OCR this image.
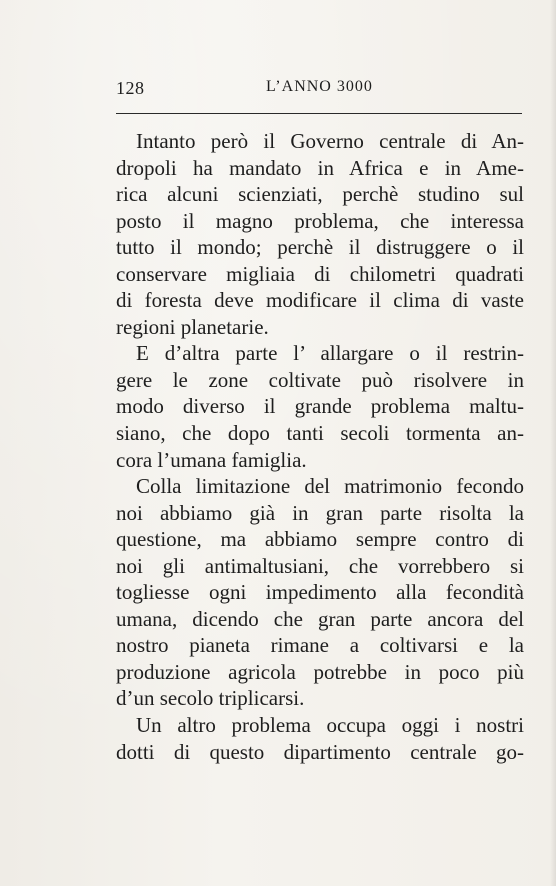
128	L’ANNO 3000
Intanto però il Governo centrale di An-
dropoli ha mandato in Africa e in Ame-
rica alcuni scienziati, perchè studino sul
posto il magno problema, che interessa
tutto il mondo; perchè il distruggere o il
conservare migliaia di chilometri quadrati
di foresta deve modificare il clima di vaste
regioni planetarie.
E d’altra parte l’ allargare o il restrin-
gere le zone coltivate può risolvere in
modo diverso il grande problema maltu-
siano, che dopo tanti secoli tormenta an-
cora l’umana famiglia.
Colla limitazione del matrimonio fecondo
noi abbiamo già in gran parte risolta la
questione, ma abbiamo sempre contro di
noi gli antimaltusiani, che vorrebbero si
togliesse ogni impedimento alla fecondità
umana, dicendo che gran parte ancora del
nostro pianeta rimane a coltivarsi e la
produzione agricola potrebbe in poco più
d’un secolo triplicarsi.
Un altro problema occupa oggi i nostri
dotti di questo dipartimento centrale go-
